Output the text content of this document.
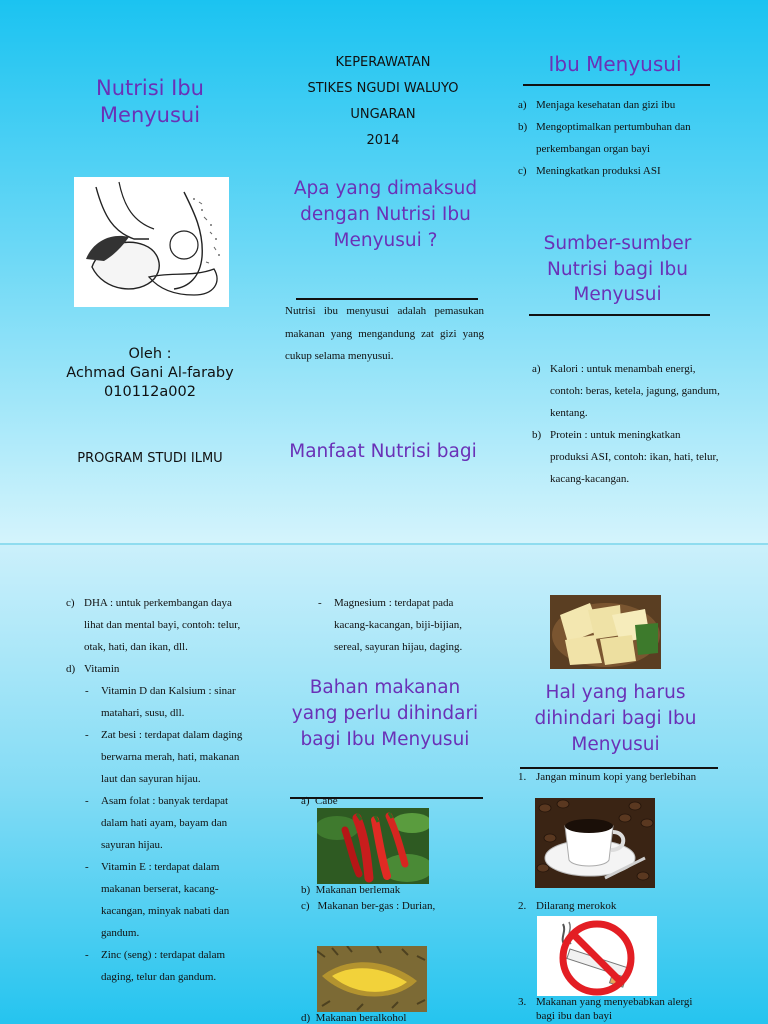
Nutrisi Ibu Menyusui
Oleh :
Achmad Gani Al-faraby
010112a002
PROGRAM STUDI ILMU
KEPERAWATAN
STIKES NGUDI WALUYO
UNGARAN
2014
Apa yang dimaksud dengan Nutrisi Ibu Menyusui ?
Nutrisi ibu menyusui adalah pemasukan makanan yang mengandung zat gizi yang cukup selama menyusui.
Manfaat Nutrisi bagi
Ibu Menyusui
a) Menjaga kesehatan dan gizi ibu
b) Mengoptimalkan pertumbuhan dan perkembangan organ bayi
c) Meningkatkan produksi ASI
Sumber-sumber Nutrisi bagi Ibu Menyusui
a) Kalori : untuk menambah energi, contoh: beras, ketela, jagung, gandum, kentang.
b) Protein : untuk meningkatkan produksi ASI, contoh: ikan, hati, telur, kacang-kacangan.
c) DHA : untuk perkembangan daya lihat dan mental bayi, contoh: telur, otak, hati, dan ikan, dll.
d) Vitamin
- Vitamin D dan Kalsium : sinar matahari, susu, dll.
- Zat besi : terdapat dalam daging berwarna merah, hati, makanan laut dan sayuran hijau.
- Asam folat : banyak terdapat dalam hati ayam, bayam dan sayuran hijau.
- Vitamin E : terdapat dalam makanan berserat, kacang-kacangan, minyak nabati dan gandum.
- Zinc (seng) : terdapat dalam daging, telur dan gandum.
- Magnesium : terdapat pada kacang-kacangan, biji-bijian, sereal, sayuran hijau, daging.
Bahan makanan yang perlu dihindari bagi Ibu Menyusui
a) Cabe
b) Makanan berlemak
c) Makanan ber-gas : Durian,
d) Makanan beralkohol
Hal yang harus dihindari bagi Ibu Menyusui
1. Jangan minum kopi yang berlebihan
2. Dilarang merokok
3. Makanan yang menyebabkan alergi bagi ibu dan bayi
